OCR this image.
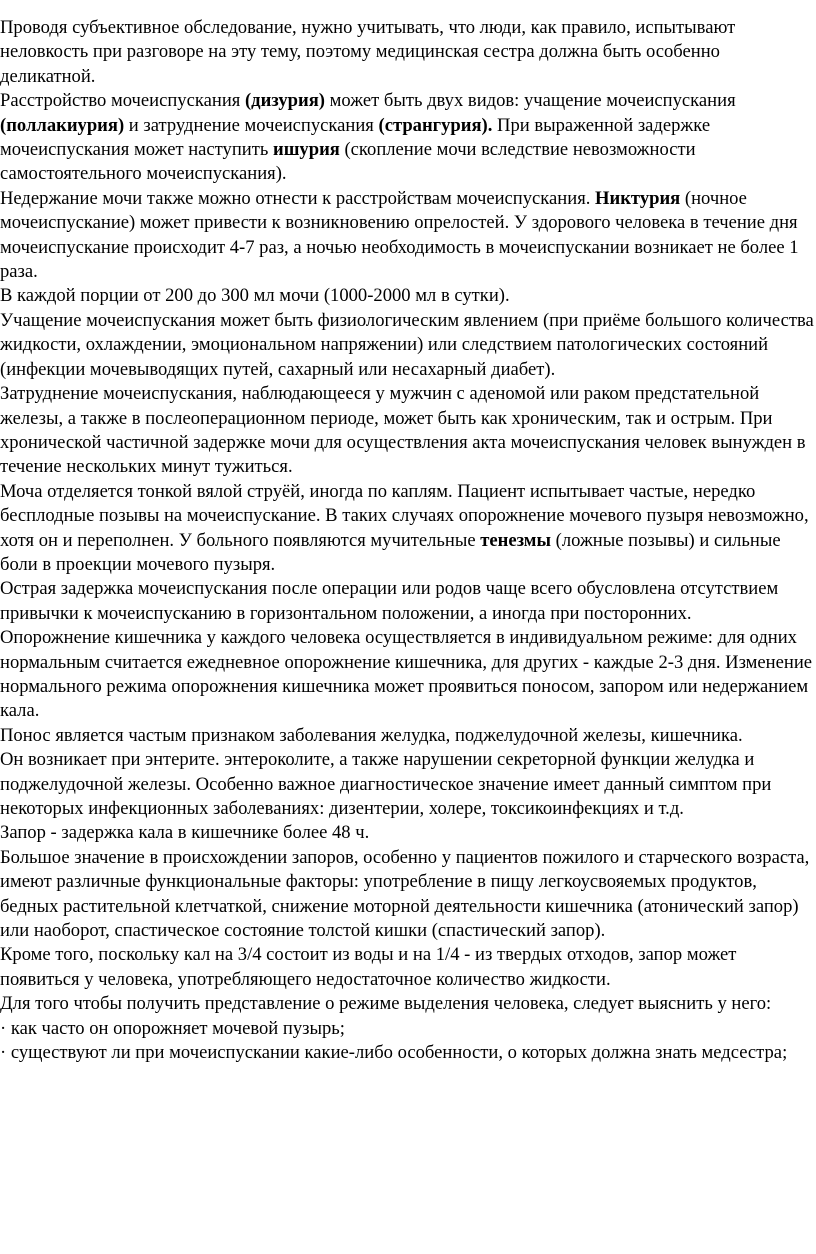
Проводя субъективное обследование, нужно учитывать, что люди, как правило, испытывают неловкость при разговоре на эту тему, поэтому медицинская сестра должна быть особенно деликатной.
Расстройство мочеиспускания (дизурия) может быть двух видов: учащение мочеиспускания (поллакиурия) и затруднение мочеиспускания (странгурия). При выраженной задержке мочеиспускания может наступить ишурия (скопление мочи вследствие невозможности самостоятельного мочеиспускания).
Недержание мочи также можно отнести к расстройствам мочеиспускания. Никтурия (ночное мочеиспускание) может привести к возникновению опрелостей. У здорового человека в течение дня мочеиспускание происходит 4-7 раз, а ночью необходимость в мочеиспускании возникает не более 1 раза.
В каждой порции от 200 до 300 мл мочи (1000-2000 мл в сутки).
Учащение мочеиспускания может быть физиологическим явлением (при приёме большого количества жидкости, охлаждении, эмоциональном напряжении) или следствием патологических состояний (инфекции мочевыводящих путей, сахарный или несахарный диабет).
Затруднение мочеиспускания, наблюдающееся у мужчин с аденомой или раком предстательной железы, а также в послеоперационном периоде, может быть как хроническим, так и острым. При хронической частичной задержке мочи для осуществления акта мочеиспускания человек вынужден в течение нескольких минут тужиться.
Моча отделяется тонкой вялой струёй, иногда по каплям. Пациент испытывает частые, нередко бесплодные позывы на мочеиспускание. В таких случаях опорожнение мочевого пузыря невозможно, хотя он и переполнен. У больного появляются мучительные тенезмы (ложные позывы) и сильные боли в проекции мочевого пузыря.
Острая задержка мочеиспускания после операции или родов чаще всего обусловлена отсутствием привычки к мочеиспусканию в горизонтальном положении, а иногда при посторонних.
Опорожнение кишечника у каждого человека осуществляется в индивидуальном режиме: для одних нормальным считается ежедневное опорожнение кишечника, для других - каждые 2-3 дня. Изменение нормального режима опорожнения кишечника может проявиться поносом, запором или недержанием кала.
Понос является частым признаком заболевания желудка, поджелудочной железы, кишечника.
Он возникает при энтерите. энтероколите, а также нарушении секреторной функции желудка и поджелудочной железы. Особенно важное диагностическое значение имеет данный симптом при некоторых инфекционных заболеваниях: дизентерии, холере, токсикоинфекциях и т.д.
Запор - задержка кала в кишечнике более 48 ч.
Большое значение в происхождении запоров, особенно у пациентов пожилого и старческого возраста, имеют различные функциональные факторы: употребление в пищу легкоусвояемых продуктов, бедных растительной клетчаткой, снижение моторной деятельности кишечника (атонический запор) или наоборот, спастическое состояние толстой кишки (спастический запор).
Кроме того, поскольку кал на 3/4 состоит из воды и на 1/4 - из твердых отходов, запор может появиться у человека, употребляющего недостаточное количество жидкости.
Для того чтобы получить представление о режиме выделения человека, следует выяснить у него:
· как часто он опорожняет мочевой пузырь;
· существуют ли при мочеиспускании какие-либо особенности, о которых должна знать медсестра;
